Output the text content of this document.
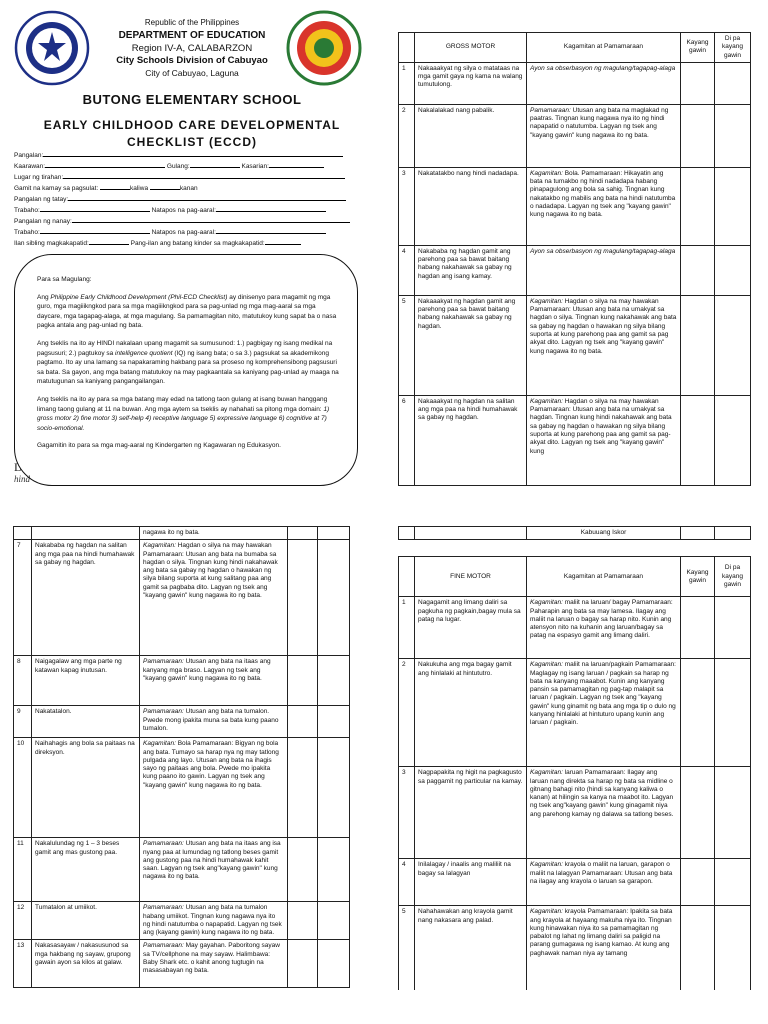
Republic of the Philippines
DEPARTMENT OF EDUCATION
Region IV-A, CALABARZON
City Schools Division of Cabuyao
City of Cabuyao, Laguna
BUTONG ELEMENTARY SCHOOL
EARLY CHILDHOOD CARE DEVELOPMENTAL
CHECKLIST (ECCD)
Pangalan:
Kaarawan:	Gulang:	Kasarian:
Lugar ng tirahan:
Gamit na kamay sa pagsulat:	kaliwa	kanan
Pangalan ng tatay:
Trabaho:	Natapos na pag-aaral:
Pangalan ng nanay:
Trabaho:	Natapos na pag-aaral:
Ilan sibling magkakapatid:	Pang-ilan ang batang kinder sa magkakapatid:
L
hind

Para sa Magulang:

Ang Philippine Early Childhood Development (Phil-ECD Checklist) ay dinisenyo para magamit ng mga guro, mga magiiikngkod para sa mga magiiikngkod para sa pag-unlad ng mga mag-aaral sa mga daycare, mga tagapag-alaga, at mga magulang. Sa pamamagitan nito, matutukoy kung sapat ba o nasa pagka antala ang pag-unlad ng bata.

Ang tseklis na ito ay HINDI nakalaan upang magamit sa sumusunod: 1.) pagbigay ng isang medikal na pagsusuri; 2.) pagtukoy sa intelligence quotient (IQ) ng isang bata; o sa 3.) pagsukat sa akademikong pagtamo. Ito ay una lamang sa napakaraming hakbang para sa proseso ng komprehensibong pagsusuri sa bata. Sa gayon, ang mga batang matutukoy na may pagkaantala sa kaniyang pag-unlad ay maaga na matutugunan sa kaniyang pangangailangan.

Ang tseklis na ito ay para sa mga batang may edad na tatlong taon gulang at isang buwan hanggang limang taong gulang at 11 na buwan. Ang mga aytem sa tseklis ay nahahati sa pitong mga domain: 1) gross motor 2) fine motor 3) self-help 4) receptive language 5) expressive language 6) cognitive at 7) socio-emotional.

Gagamitin ito para sa mga mag-aaral ng Kindergarten ng Kagawaran ng Edukasyon.

	GROSS MOTOR	Kagamitan at Pamamaraan	Kayang gawin	Di pa kayang gawin
1	Nakaaakyat ng silya o matataas na mga gamit gaya ng kama na walang tumutulong.	Ayon sa obserbasyon ng magulang/tagapag-alaga		
2	Nakalalakad nang pabalik.	Pamamaraan: Utusan ang bata na maglakad ng paatras. Tingnan kung nagawa nya ito ng hindi napapatid o natutumba. Lagyan ng tsek ang "kayang gawin" kung nagawa ito ng bata.		
3	Nakatatakbo nang hindi nadadapa.	Kagamitan: Bola. Pamamaraan: Hikayatin ang bata na tumakbo ng hindi nadadapa habang pinapagulong ang bola sa sahig. Tingnan kung nakatakbo ng mabilis ang bata na hindi natutumba o nadadapa. Lagyan ng tsek ang "kayang gawin" kung nagawa ito ng bata.		
4	Nakababa ng hagdan gamit ang parehong paa sa bawat baitang habang nakahawak sa gabay ng hagdan ang isang kamay.	Ayon sa obserbasyon ng magulang/tagapag-alaga		
5	Nakaaakyat ng hagdan gamit ang parehong paa sa bawat baitang habang nakahawak sa gabay ng hagdan.	Kagamitan: Hagdan o silya na may hawakan Pamamaraan: Utusan ang bata na umakyat sa hagdan o silya. Tingnan kung nakahawak ang bata sa gabay ng hagdan o hawakan ng silya bilang suporta at kung parehong paa ang gamit sa pag akyat dito. Lagyan ng tsek ang "kayang gawin" kung nagawa ito ng bata.		
6	Nakaaakyat ng hagdan na salitan ang mga paa na hindi humahawak sa gabay ng hagdan.	Kagamitan: Hagdan o silya na may hawakan Pamamaraan: Utusan ang bata na umakyat sa hagdan. Tingnan kung hindi nakahawak ang bata sa gabay ng hagdan o hawakan ng silya bilang suporta at kung parehong paa ang gamit sa pag-akyat dito. Lagyan ng tsek ang "kayang gawin" kung		
		nagawa ito ng bata.		
7	Nakababa ng hagdan na salitan ang mga paa na hindi humahawak sa gabay ng hagdan.	Kagamitan: Hagdan o silya na may hawakan Pamamaraan: Utusan ang bata na bumaba sa hagdan o silya. Tingnan kung hindi nakahawak ang bata sa gabay ng hagdan o hawakan ng silya bilang suporta at kung salitang paa ang gamit sa pagbaba dito. Lagyan ng tsek ang "kayang gawin" kung nagawa ito ng bata.		
8	Naigagalaw ang mga parte ng katawan kapag inutusan.	Pamamaraan: Utusan ang bata na itaas ang kanyang mga braso. Lagyan ng tsek ang "kayang gawin" kung nagawa ito ng bata.		
9	Nakatatalon.	Pamamaraan: Utusan ang bata na tumalon. Pwede mong ipakita muna sa bata kung paano tumalon.		
10	Naihahagis ang bola sa paitaas na direksyon.	Kagamitan: Bola Pamamaraan: Bigyan ng bola ang bata. Tumayo sa harap nya ng may tatlong pulgada ang layo. Utusan ang bata na ihagis sayo ng paitaas ang bola. Pwede mo ipakita kung paano ito gawin. Lagyan ng tsek ang "kayang gawin" kung nagawa ito ng bata.		
11	Nakalulundag ng 1 – 3 beses gamit ang mas gustong paa.	Pamamaraan: Utusan ang bata na itaas ang isa nyang paa at lumundag ng tatlong beses gamit ang gustong paa na hindi humahawak kahit saan. Lagyan ng tsek ang"kayang gawin" kung nagawa ito ng bata.		
12	Tumatalon at umiikot.	Pamamaraan: Utusan ang bata na tumalon habang umiikot. Tingnan kung nagawa nya ito ng hindi natutumba o napapatid. Lagyan ng tsek ang (kayang gawin) kung nagawa ito ng bata.		
13	Nakasasayaw / nakasusunod sa mga hakbang ng sayaw, grupong gawain ayon sa kilos at galaw.	Pamamaraan: May gayahan. Paboritong sayaw sa TV/cellphone na may sayaw. Halimbawa: Baby Shark etc. o kahit anong tugtugin na masasabayan ng bata.		
		Kabuuang Iskor		
	FINE MOTOR	Kagamitan at Pamamaraan	Kayang gawin	Di pa kayang gawin
1	Nagagamit ang limang daliri sa pagkuha ng pagkain,bagay mula sa patag na lugar.	Kagamitan: maliit na laruan/ bagay Pamamaraan: Paharapin ang bata sa may lamesa. Ilagay ang maliit na laruan o bagay sa harap nito. Kunin ang atensyon nito na kuhanin ang laruan/bagay sa patag na espasyo gamit ang limang daliri.		
2	Nakukuha ang mga bagay gamit ang hinlalaki at hintututro.	Kagamitan: maliit na laruan/pagkain Pamamaraan: Maglagay ng isang laruan / pagkain sa harap ng bata na kanyang maaabot. Kunin ang kanyang pansin sa pamamagitan ng pag-tap malapit sa laruan / pagkain. Lagyan ng tsek ang "kayang gawin" kung ginamit ng bata ang mga tip o dulo ng kanyang hinlalaki at hintuturo upang kunin ang laruan / pagkain.		
3	Nagpapakita ng higit na pagkagusto sa paggamit ng particular na kamay.	Kagamitan: laruan Pamamaraan: Ilagay ang laruan nang direkta sa harap ng bata sa midline o gitnang bahagi nito (hindi sa kanyang kaliwa o kanan) at hilingin sa kanya na maabot ito. Lagyan ng tsek ang"kayang gawin" kung ginagamit niya ang parehong kamay ng dalawa sa tatlong beses.		
4	Inilalagay / inaalis ang maliliit na bagay sa lalagyan	Kagamitan: krayola o maliit na laruan, garapon o maliit na lalagyan Pamamaraan: Utusan ang bata na ilagay ang krayola o laruan sa garapon.		
5	Nahahawakan ang krayola gamit nang nakasara ang palad.	Kagamitan: krayola Pamamaraan: Ipakita sa bata ang krayola at hayaang makuha niya ito. Tingnan kung hinawakan niya ito sa pamamagitan ng pabalot ng lahat ng limang daliri sa paligid na parang gumagawa ng isang kamao. At kung ang paghawak naman niya ay tamang		
